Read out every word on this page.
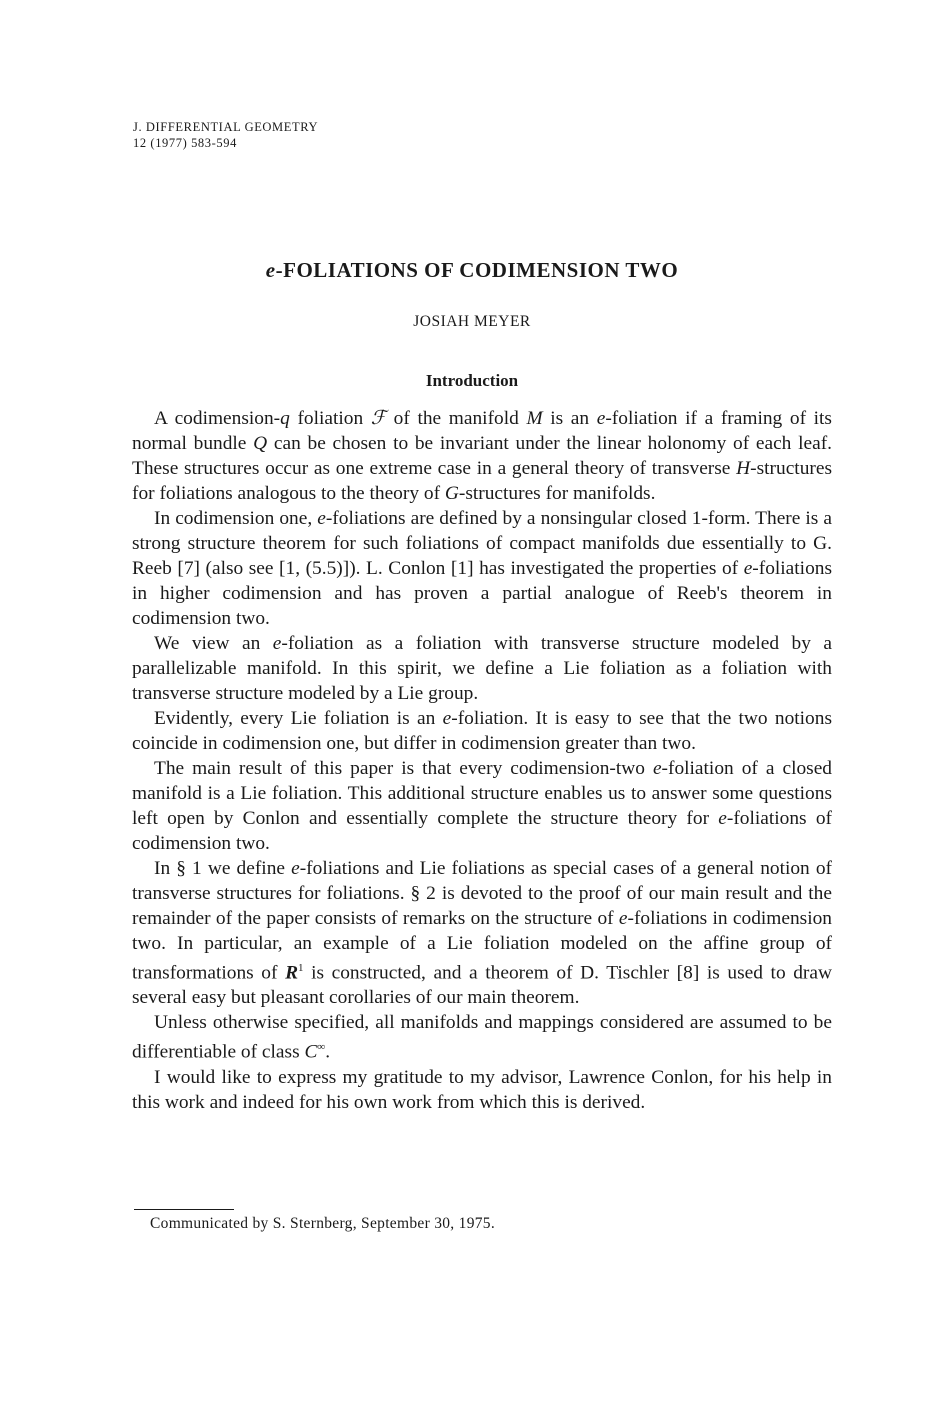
J. DIFFERENTIAL GEOMETRY
12 (1977) 583-594
e-FOLIATIONS OF CODIMENSION TWO
JOSIAH MEYER
Introduction

A codimension-q foliation ℱ of the manifold M is an e-foliation if a framing of its normal bundle Q can be chosen to be invariant under the linear holonomy of each leaf. These structures occur as one extreme case in a general theory of transverse H-structures for foliations analogous to the theory of G-structures for manifolds.

In codimension one, e-foliations are defined by a nonsingular closed 1-form. There is a strong structure theorem for such foliations of compact manifolds due essentially to G. Reeb [7] (also see [1, (5.5)]). L. Conlon [1] has investigated the properties of e-foliations in higher codimension and has proven a partial analogue of Reeb's theorem in codimension two.

We view an e-foliation as a foliation with transverse structure modeled by a parallelizable manifold. In this spirit, we define a Lie foliation as a foliation with transverse structure modeled by a Lie group.

Evidently, every Lie foliation is an e-foliation. It is easy to see that the two notions coincide in codimension one, but differ in codimension greater than two.

The main result of this paper is that every codimension-two e-foliation of a closed manifold is a Lie foliation. This additional structure enables us to answer some questions left open by Conlon and essentially complete the structure theory for e-foliations of codimension two.

In § 1 we define e-foliations and Lie foliations as special cases of a general notion of transverse structures for foliations. § 2 is devoted to the proof of our main result and the remainder of the paper consists of remarks on the structure of e-foliations in codimension two. In particular, an example of a Lie foliation modeled on the affine group of transformations of $R^1$ is constructed, and a theorem of D. Tischler [8] is used to draw several easy but pleasant corollaries of our main theorem.

Unless otherwise specified, all manifolds and mappings considered are assumed to be differentiable of class C∞.

I would like to express my gratitude to my advisor, Lawrence Conlon, for his help in this work and indeed for his own work from which this is derived.

Communicated by S. Sternberg, September 30, 1975.
